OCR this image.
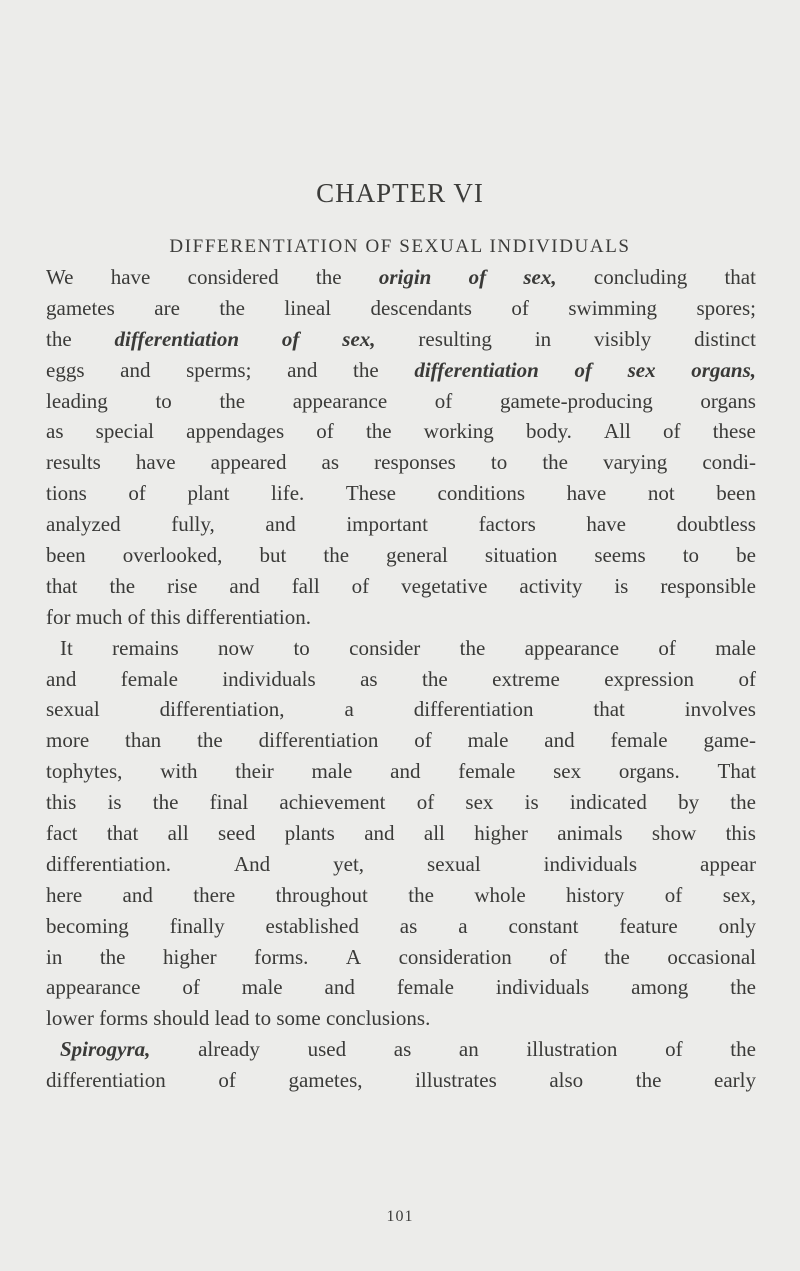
CHAPTER VI
DIFFERENTIATION OF SEXUAL INDIVIDUALS
We have considered the origin of sex, concluding that
gametes are the lineal descendants of swimming spores;
the differentiation of sex, resulting in visibly distinct
eggs and sperms; and the differentiation of sex organs,
leading to the appearance of gamete-producing organs
as special appendages of the working body. All of these
results have appeared as responses to the varying condi-
tions of plant life. These conditions have not been
analyzed fully, and important factors have doubtless
been overlooked, but the general situation seems to be
that the rise and fall of vegetative activity is responsible
for much of this differentiation.
It remains now to consider the appearance of male
and female individuals as the extreme expression of
sexual	differentiation,	a	differentiation	that	involves
more than the differentiation of male and female game-
tophytes, with their male and female sex organs. That
this is the final achievement of sex is indicated by the
fact that all seed plants and all higher animals show this
differentiation.	And	yet,	sexual	individuals	appear
here and there throughout the whole history of sex,
becoming finally established as a constant feature only
in the higher forms. A consideration of the occasional
appearance of male and female individuals among the
lower forms should lead to some conclusions.
Spirogyra, already used as an illustration of the
differentiation	of	gametes,	illustrates	also	the	early
101
